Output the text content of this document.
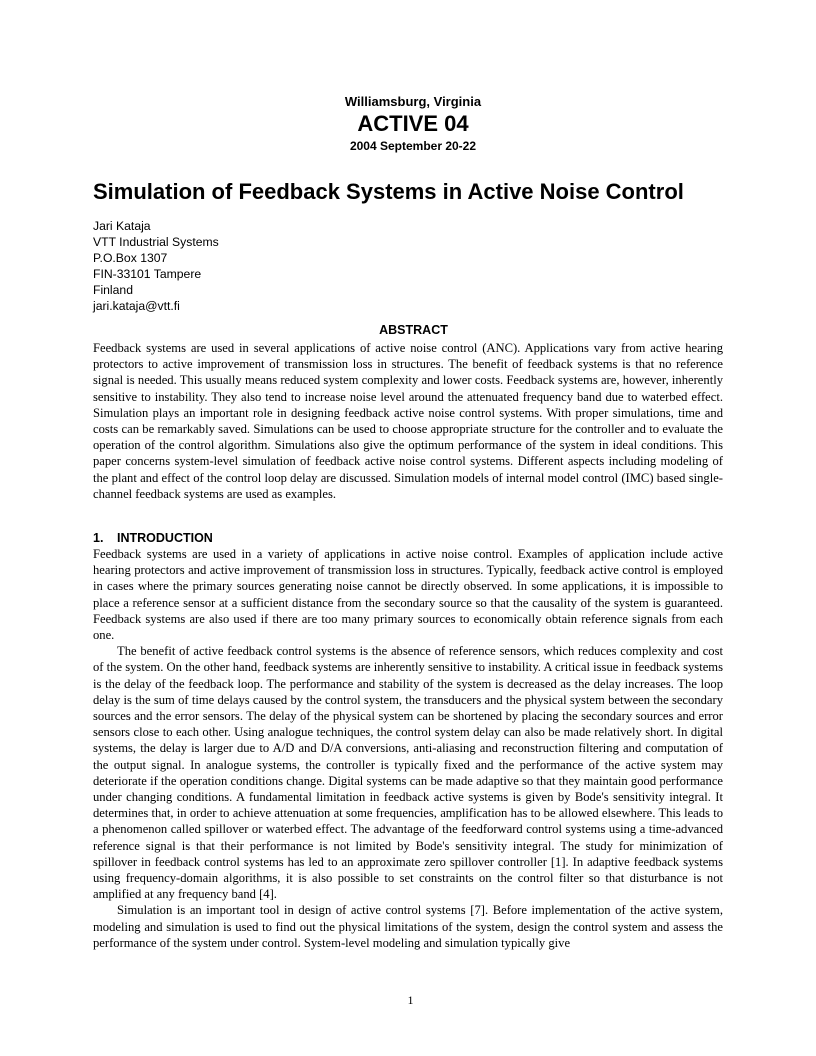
Williamsburg, Virginia
ACTIVE 04
2004 September 20-22
Simulation of Feedback Systems in Active Noise Control
Jari Kataja
VTT Industrial Systems
P.O.Box 1307
FIN-33101 Tampere
Finland
jari.kataja@vtt.fi
ABSTRACT

Feedback systems are used in several applications of active noise control (ANC). Applications vary from active hearing protectors to active improvement of transmission loss in structures. The benefit of feedback systems is that no reference signal is needed. This usually means reduced system complexity and lower costs. Feedback systems are, however, inherently sensitive to instability. They also tend to increase noise level around the attenuated frequency band due to waterbed effect. Simulation plays an important role in designing feedback active noise control systems. With proper simulations, time and costs can be remarkably saved. Simulations can be used to choose appropriate structure for the controller and to evaluate the operation of the control algorithm. Simulations also give the optimum performance of the system in ideal conditions. This paper concerns system-level simulation of feedback active noise control systems. Different aspects including modeling of the plant and effect of the control loop delay are discussed. Simulation models of internal model control (IMC) based single-channel feedback systems are used as examples.

1. INTRODUCTION

Feedback systems are used in a variety of applications in active noise control. Examples of application include active hearing protectors and active improvement of transmission loss in structures. Typically, feedback active control is employed in cases where the primary sources generating noise cannot be directly observed. In some applications, it is impossible to place a reference sensor at a sufficient distance from the secondary source so that the causality of the system is guaranteed. Feedback systems are also used if there are too many primary sources to economically obtain reference signals from each one.

The benefit of active feedback control systems is the absence of reference sensors, which reduces complexity and cost of the system. On the other hand, feedback systems are inherently sensitive to instability. A critical issue in feedback systems is the delay of the feedback loop. The performance and stability of the system is decreased as the delay increases. The loop delay is the sum of time delays caused by the control system, the transducers and the physical system between the secondary sources and the error sensors. The delay of the physical system can be shortened by placing the secondary sources and error sensors close to each other. Using analogue techniques, the control system delay can also be made relatively short. In digital systems, the delay is larger due to A/D and D/A conversions, anti-aliasing and reconstruction filtering and computation of the output signal. In analogue systems, the controller is typically fixed and the performance of the active system may deteriorate if the operation conditions change. Digital systems can be made adaptive so that they maintain good performance under changing conditions. A fundamental limitation in feedback active systems is given by Bode's sensitivity integral. It determines that, in order to achieve attenuation at some frequencies, amplification has to be allowed elsewhere. This leads to a phenomenon called spillover or waterbed effect. The advantage of the feedforward control systems using a time-advanced reference signal is that their performance is not limited by Bode's sensitivity integral. The study for minimization of spillover in feedback control systems has led to an approximate zero spillover controller [1]. In adaptive feedback systems using frequency-domain algorithms, it is also possible to set constraints on the control filter so that disturbance is not amplified at any frequency band [4].

Simulation is an important tool in design of active control systems [7]. Before implementation of the active system, modeling and simulation is used to find out the physical limitations of the system, design the control system and assess the performance of the system under control. System-level modeling and simulation typically give

1
